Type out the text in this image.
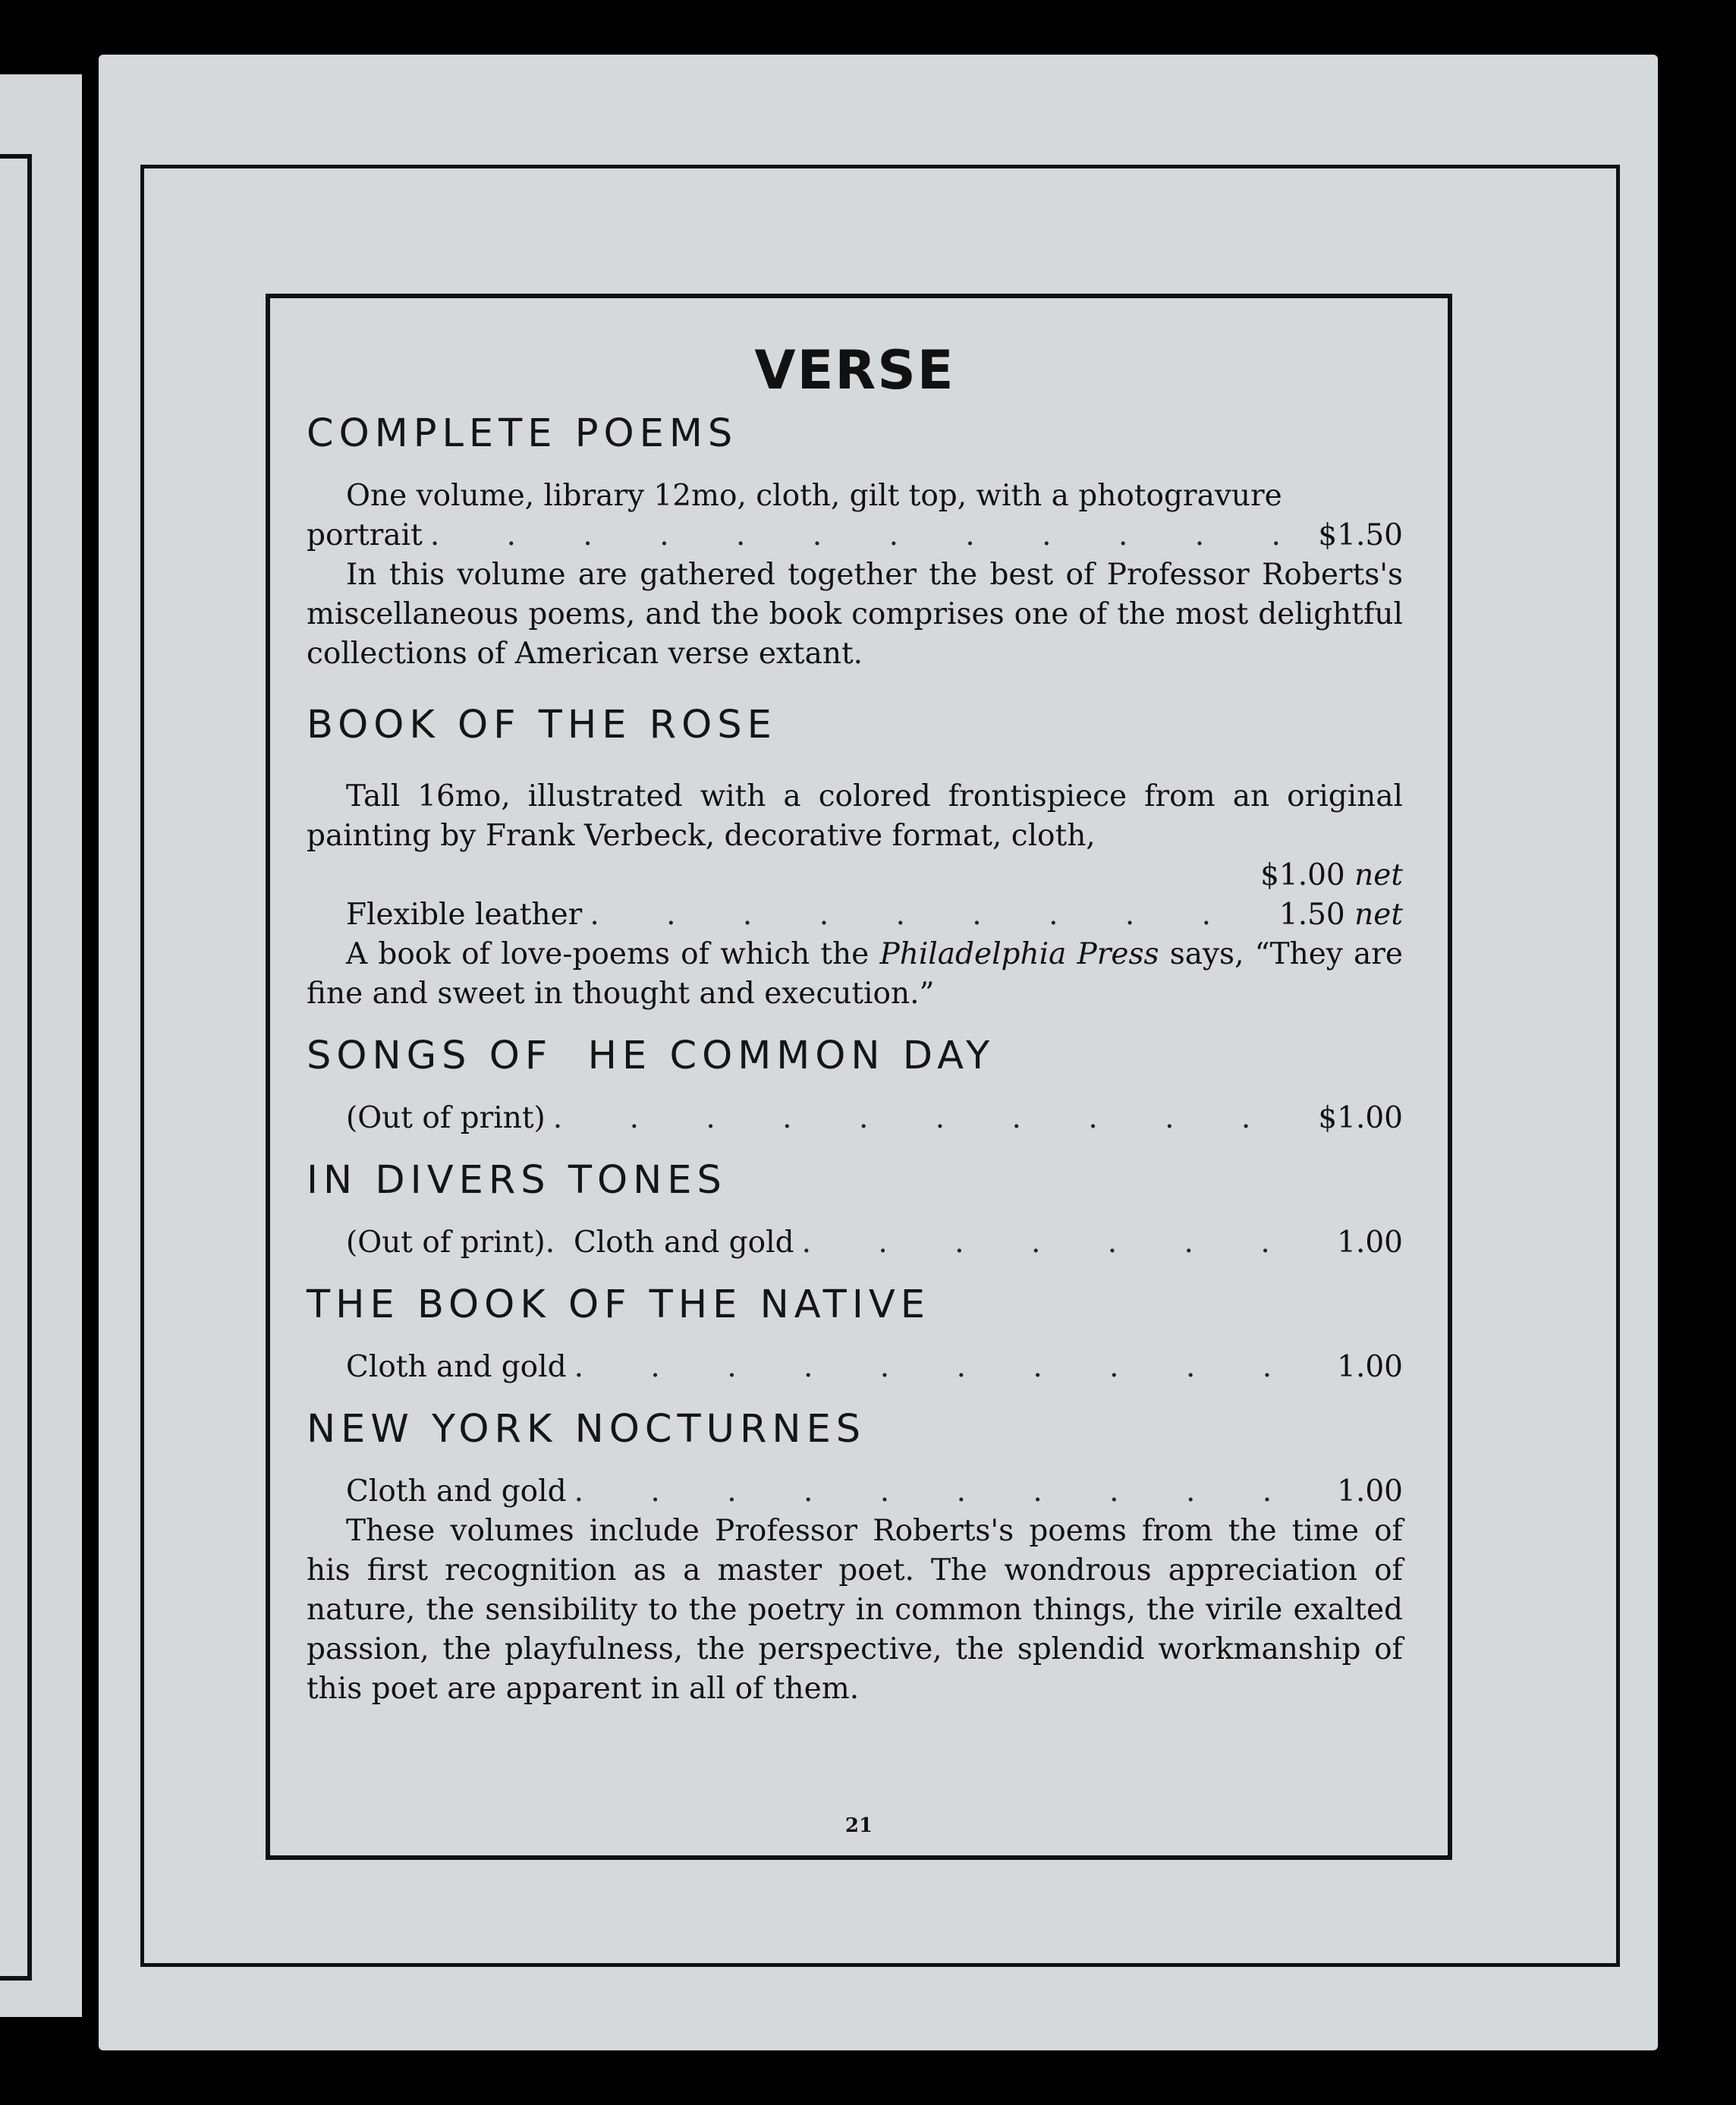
VERSE
COMPLETE POEMS

One volume, library 12mo, cloth, gilt top, with a photogravure

portrait . . .	$1.50

In this volume are gathered together the best of Professor Roberts's miscellaneous poems, and the book comprises one of the most delightful collections of American verse extant.

BOOK OF THE ROSE

Tall 16mo, illustrated with a colored frontispiece from an original painting by Frank Verbeck, decorative format, cloth,

$1.00 net

Flexible leather . . .	1.50 net

A book of love-poems of which the Philadelphia Press says, “They are fine and sweet in thought and execution.”

SONGS OF  HE COMMON DAY
(Out of print) . . .	$1.00
IN DIVERS TONES
(Out of print).  Cloth and gold . . .	1.00
THE BOOK OF THE NATIVE
Cloth and gold . . .	1.00
NEW YORK NOCTURNES
Cloth and gold . . .	1.00

These volumes include Professor Roberts's poems from the time of his first recognition as a master poet. The wondrous appreciation of nature, the sensibility to the poetry in common things, the virile exalted passion, the playfulness, the perspective, the splendid workmanship of this poet are apparent in all of them.

21
